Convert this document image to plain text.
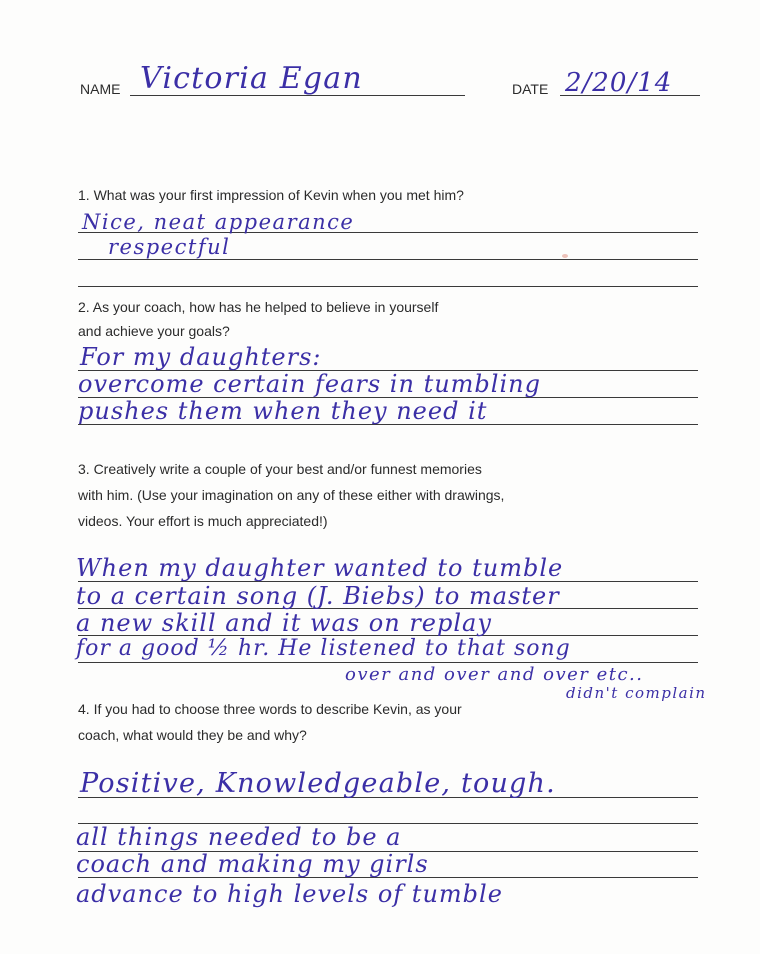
NAME Victoria Egan	DATE 2/20/14
1. What was your first impression of Kevin when you met him?
Nice, neat appearance
respectful
2. As your coach, how has he helped to believe in yourself
and achieve your goals?
For my daughters:
overcome certain fears in tumbling
pushes them when they need it
3. Creatively write a couple of your best and/or funnest memories
with him. (Use your imagination on any of these either with drawings,
videos. Your effort is much appreciated!)
When my daughter wanted to tumble
to a certain song (J. Biebs) to master
a new skill and it was on replay
for a good ½ hr. He listened to that song
over and over and over etc..
didn't complain
4. If you had to choose three words to describe Kevin, as your
coach, what would they be and why?
Positive, Knowledgeable, tough.
all things needed to be a
coach and making my girls
advance to high levels of tumble
